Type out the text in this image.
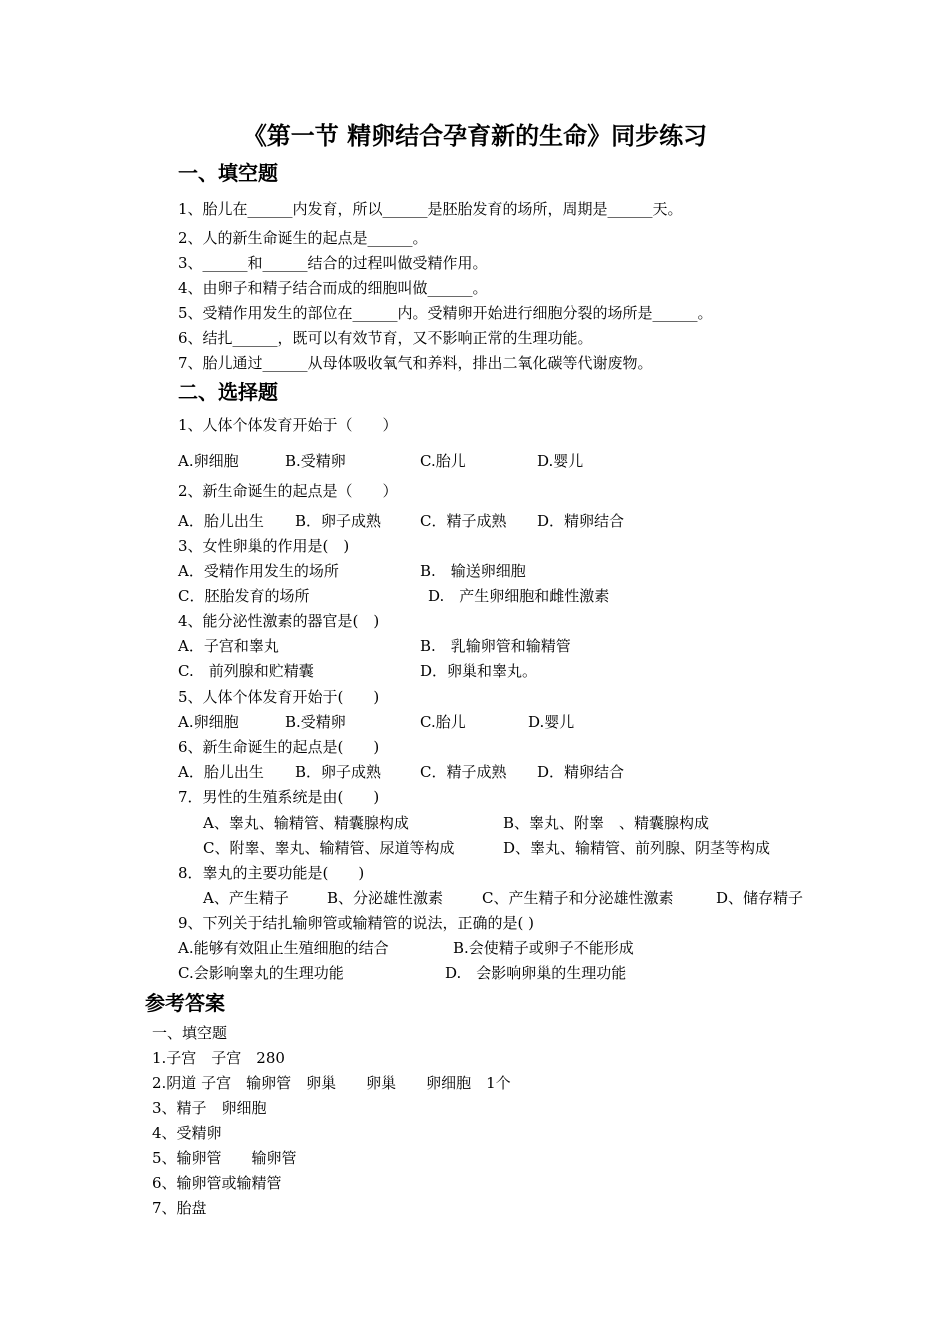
《第一节 精卵结合孕育新的生命》同步练习
一、填空题
1、胎儿在______内发育，所以______是胚胎发育的场所，周期是______天。
2、人的新生命诞生的起点是______。
3、______和______结合的过程叫做受精作用。
4、由卵子和精子结合而成的细胞叫做______。
5、受精作用发生的部位在______内。受精卵开始进行细胞分裂的场所是______。
6、结扎______，既可以有效节育，又不影响正常的生理功能。
7、胎儿通过______从母体吸收氧气和养料，排出二氧化碳等代谢废物。
二、选择题
1、人体个体发育开始于（　　）
A.卵细胞	B.受精卵	C.胎儿	D.婴儿
2、新生命诞生的起点是（　　）
A．胎儿出生 B．卵子成熟	C．精子成熟 D．精卵结合
3、女性卵巢的作用是(　)
A．受精作用发生的场所	B.　输送卵细胞
C．胚胎发育的场所	D.　产生卵细胞和雌性激素
4、能分泌性激素的器官是(　)
A．子宫和睾丸	B.　乳输卵管和输精管
C.　前列腺和贮精囊	D．卵巢和睾丸。
5、人体个体发育开始于(　　)
A.卵细胞	B.受精卵	C.胎儿	D.婴儿
6、新生命诞生的起点是(　　)
A．胎儿出生 B．卵子成熟	C．精子成熟 D．精卵结合
7．男性的生殖系统是由(　　)
A、睾丸、输精管、精囊腺构成	B、睾丸、附睾　、精囊腺构成
C、附睾、睾丸、输精管、尿道等构成	D、睾丸、输精管、前列腺、阴茎等构成
8．睾丸的主要功能是(　　)
A、产生精子	B、分泌雄性激素	C、产生精子和分泌雄性激素	D、储存精子
9、下列关于结扎输卵管或输精管的说法，正确的是( )
A.能够有效阻止生殖细胞的结合	B.会使精子或卵子不能形成
C.会影响睾丸的生理功能	D.　会影响卵巢的生理功能
参考答案
一、填空题
1.子宫　子宫　280
2.阴道 子宫　输卵管　卵巢　　卵巢　　卵细胞　1个
3、精子　卵细胞
4、受精卵
5、输卵管　　输卵管
6、输卵管或输精管
7、胎盘
